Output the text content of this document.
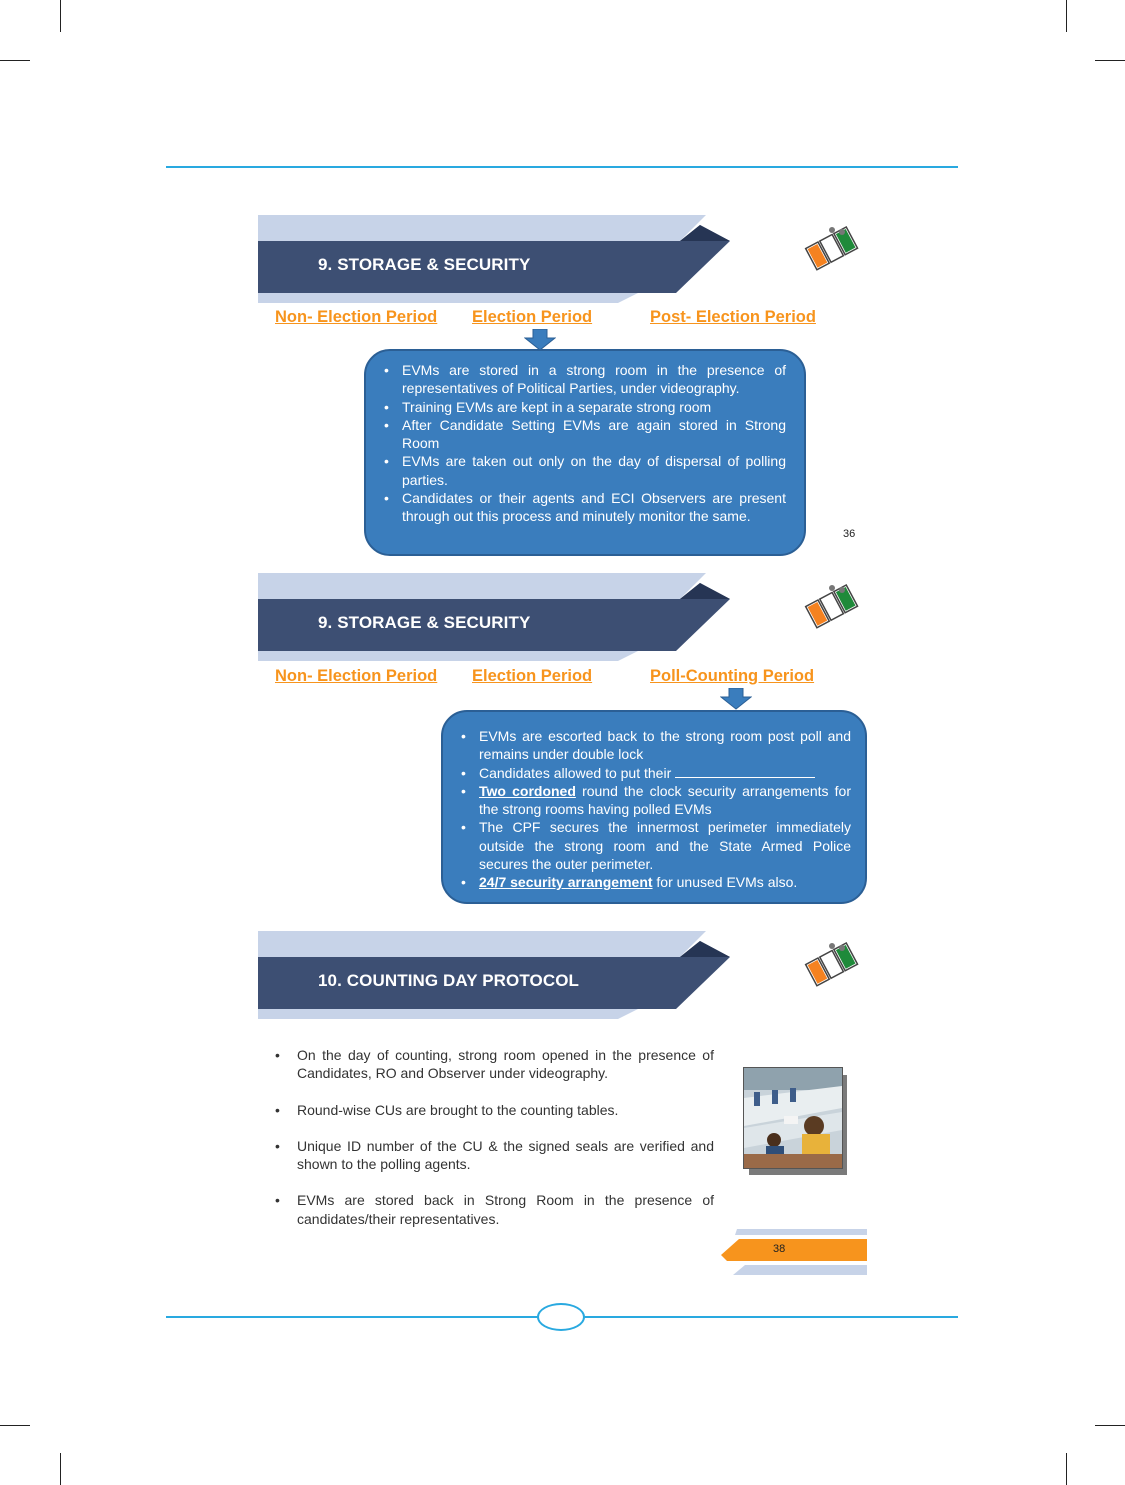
9. STORAGE & SECURITY
Non- Election Period Election Period	Post- Election Period
• EVMs are stored in a strong room in the presence of representatives of Political Parties, under videography.
• Training EVMs are kept in a separate strong room
• After Candidate Setting EVMs are again stored in Strong Room
• EVMs are taken out only on the day of dispersal of polling parties.
• Candidates or their agents and ECI Observers are present through out this process and minutely monitor the same.
36
9. STORAGE & SECURITY
Non- Election Period Election Period	Poll-Counting Period
• EVMs are escorted back to the strong room post poll and remains under double lock
• Candidates allowed to put their
• Two cordoned round the clock security arrangements for the strong rooms having polled EVMs
• The CPF secures the innermost perimeter immediately outside the strong room and the State Armed Police secures the outer perimeter.
• 24/7 security arrangement for unused EVMs also.
10. COUNTING DAY PROTOCOL
• On the day of counting, strong room opened in the presence of Candidates, RO and Observer under videography.
• Round-wise CUs are brought to the counting tables.
• Unique ID number of the CU & the signed seals are verified and shown to the polling agents.
• EVMs are stored back in Strong Room in the presence of candidates/their representatives.
38
